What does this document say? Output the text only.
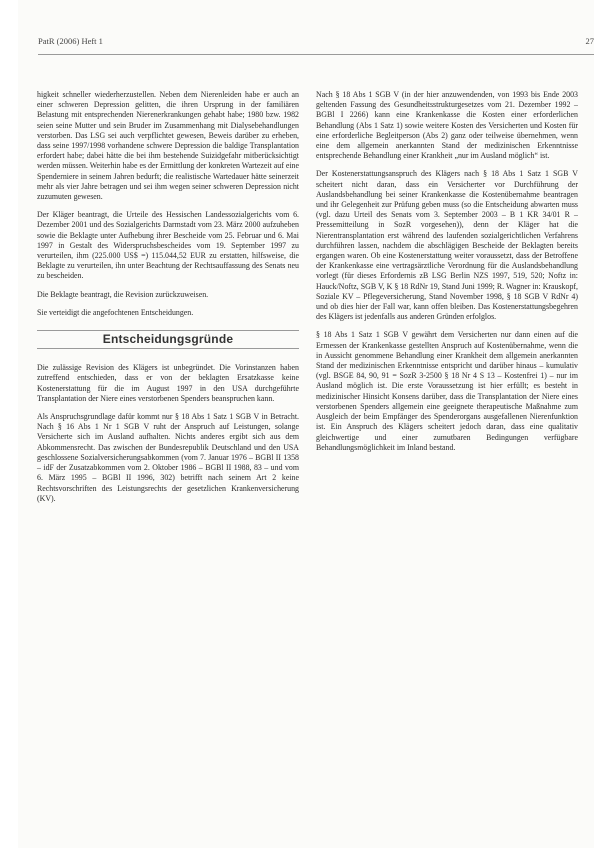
PatR (2006) Heft 1	27

higkeit schneller wiederherzustellen. Neben dem Nierenleiden habe er auch an einer schweren Depression gelitten, die ihren Ursprung in der familiären Belastung mit entsprechenden Nierenerkrankungen gehabt habe; 1980 bzw. 1982 seien seine Mutter und sein Bruder im Zusammenhang mit Dialysebehandlungen verstorben. Das LSG sei auch verpflichtet gewesen, Beweis darüber zu erheben, dass seine 1997/1998 vorhandene schwere Depression die baldige Transplantation erfordert habe; dabei hätte die bei ihm bestehende Suizidgefahr mitberücksichtigt werden müssen. Weiterhin habe es der Ermittlung der konkreten Wartezeit auf eine Spenderniere in seinem Jahren bedurft; die realistische Wartedauer hätte seinerzeit mehr als vier Jahre betragen und sei ihm wegen seiner schweren Depression nicht zuzumuten gewesen.

Der Kläger beantragt, die Urteile des Hessischen Landessozialgerichts vom 6. Dezember 2001 und des Sozialgerichts Darmstadt vom 23. März 2000 aufzuheben sowie die Beklagte unter Aufhebung ihrer Bescheide vom 25. Februar und 6. Mai 1997 in Gestalt des Widerspruchsbescheides vom 19. September 1997 zu verurteilen, ihm (225.000 US$ =) 115.044,52 EUR zu erstatten, hilfsweise, die Beklagte zu verurteilen, ihn unter Beachtung der Rechtsauffassung des Senats neu zu bescheiden.

Die Beklagte beantragt, die Revision zurückzuweisen.

Sie verteidigt die angefochtenen Entscheidungen.

Entscheidungsgründe

Die zulässige Revision des Klägers ist unbegründet. Die Vorinstanzen haben zutreffend entschieden, dass er von der beklagten Ersatzkasse keine Kostenerstattung für die im August 1997 in den USA durchgeführte Transplantation der Niere eines verstorbenen Spenders beanspruchen kann.

Als Anspruchsgrundlage dafür kommt nur § 18 Abs 1 Satz 1 SGB V in Betracht. Nach § 16 Abs 1 Nr 1 SGB V ruht der Anspruch auf Leistungen, solange Versicherte sich im Ausland aufhalten. Nichts anderes ergibt sich aus dem Abkommensrecht. Das zwischen der Bundesrepublik Deutschland und den USA geschlossene Sozialversicherungsabkommen (vom 7. Januar 1976 – BGBl II 1358 – idF der Zusatzabkommen vom 2. Oktober 1986 – BGBl II 1988, 83 – und vom 6. März 1995 – BGBl II 1996, 302) betrifft nach seinem Art 2 keine Rechtsvorschriften des Leistungsrechts der gesetzlichen Krankenversicherung (KV).

Nach § 18 Abs 1 SGB V (in der hier anzuwendenden, von 1993 bis Ende 2003 geltenden Fassung des Gesundheitsstrukturgesetzes vom 21. Dezember 1992 – BGBl I 2266) kann eine Krankenkasse die Kosten einer erforderlichen Behandlung (Abs 1 Satz 1) sowie weitere Kosten des Versicherten und Kosten für eine erforderliche Begleitperson (Abs 2) ganz oder teilweise übernehmen, wenn eine dem allgemein anerkannten Stand der medizinischen Erkenntnisse entsprechende Behandlung einer Krankheit „nur im Ausland möglich“ ist.

Der Kostenerstattungsanspruch des Klägers nach § 18 Abs 1 Satz 1 SGB V scheitert nicht daran, dass ein Versicherter vor Durchführung der Auslandsbehandlung bei seiner Krankenkasse die Kostenübernahme beantragen und ihr Gelegenheit zur Prüfung geben muss (so die Entscheidung abwarten muss (vgl. dazu Urteil des Senats vom 3. September 2003 – B 1 KR 34/01 R – Pressemitteilung in SozR vorgesehen)), denn der Kläger hat die Nierentransplantation erst während des laufenden sozialgerichtlichen Verfahrens durchführen lassen, nachdem die abschlägigen Bescheide der Beklagten bereits ergangen waren. Ob eine Kostenerstattung weiter voraussetzt, dass der Betroffene der Krankenkasse eine vertragsärztliche Verordnung für die Auslandsbehandlung vorlegt (für dieses Erfordernis zB LSG Berlin NZS 1997, 519, 520; Noftz in: Hauck/Noftz, SGB V, K § 18 RdNr 19, Stand Juni 1999; R. Wagner in: Krauskopf, Soziale KV – Pflegeversicherung, Stand November 1998, § 18 SGB V RdNr 4) und ob dies hier der Fall war, kann offen bleiben. Das Kostenerstattungsbegehren des Klägers ist jedenfalls aus anderen Gründen erfolglos.

§ 18 Abs 1 Satz 1 SGB V gewährt dem Versicherten nur dann einen auf die Ermessen der Krankenkasse gestellten Anspruch auf Kostenübernahme, wenn die in Aussicht genommene Behandlung einer Krankheit dem allgemein anerkannten Stand der medizinischen Erkenntnisse entspricht und darüber hinaus – kumulativ (vgl. BSGE 84, 90, 91 = SozR 3-2500 § 18 Nr 4 S 13 – Kostenfrei 1) – nur im Ausland möglich ist. Die erste Voraussetzung ist hier erfüllt; es besteht in medizinischer Hinsicht Konsens darüber, dass die Transplantation der Niere eines verstorbenen Spenders allgemein eine geeignete therapeutische Maßnahme zum Ausgleich der beim Empfänger des Spenderorgans ausgefallenen Nierenfunktion ist. Ein Anspruch des Klägers scheitert jedoch daran, dass eine qualitativ gleichwertige und einer zumutbaren Bedingungen verfügbare Behandlungsmöglichkeit im Inland bestand.
